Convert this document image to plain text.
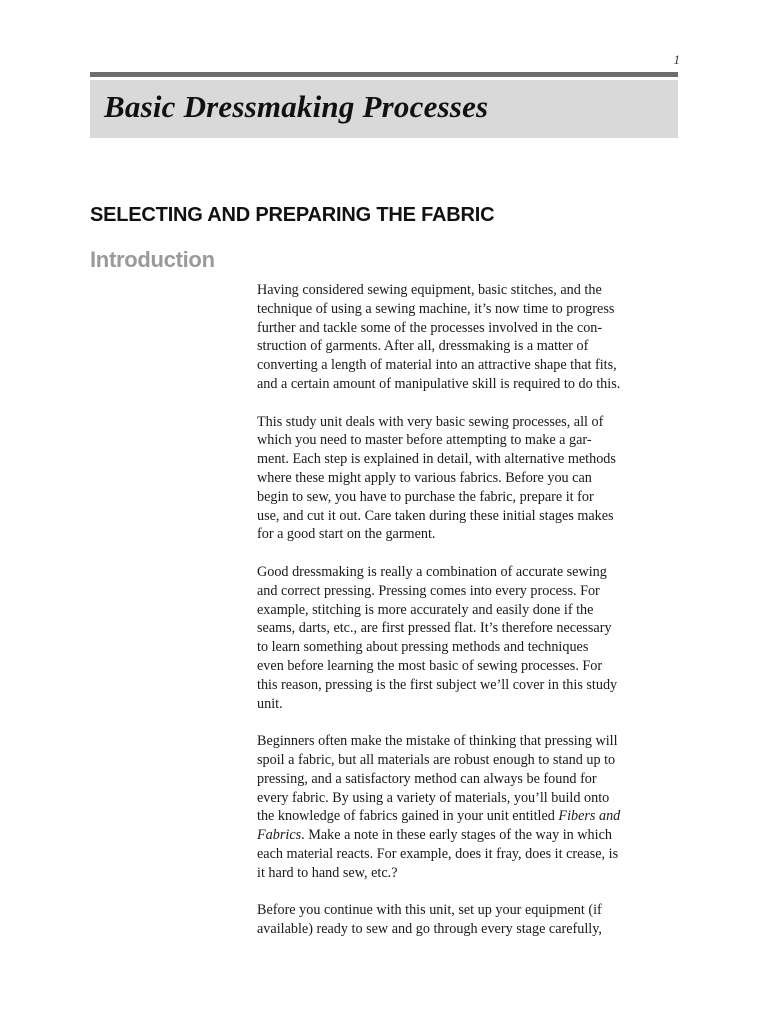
1
Basic Dressmaking Processes
SELECTING AND PREPARING THE FABRIC
Introduction

Having considered sewing equipment, basic stitches, and the
technique of using a sewing machine, it’s now time to progress
further and tackle some of the processes involved in the con-
struction of garments. After all, dressmaking is a matter of
converting a length of material into an attractive shape that fits,
and a certain amount of manipulative skill is required to do this.

This study unit deals with very basic sewing processes, all of
which you need to master before attempting to make a gar-
ment. Each step is explained in detail, with alternative methods
where these might apply to various fabrics. Before you can
begin to sew, you have to purchase the fabric, prepare it for
use, and cut it out. Care taken during these initial stages makes
for a good start on the garment.

Good dressmaking is really a combination of accurate sewing
and correct pressing. Pressing comes into every process. For
example, stitching is more accurately and easily done if the
seams, darts, etc., are first pressed flat. It’s therefore necessary
to learn something about pressing methods and techniques
even before learning the most basic of sewing processes. For
this reason, pressing is the first subject we’ll cover in this study
unit.

Beginners often make the mistake of thinking that pressing will
spoil a fabric, but all materials are robust enough to stand up to
pressing, and a satisfactory method can always be found for
every fabric. By using a variety of materials, you’ll build onto
the knowledge of fabrics gained in your unit entitled Fibers and
Fabrics. Make a note in these early stages of the way in which
each material reacts. For example, does it fray, does it crease, is
it hard to hand sew, etc.?

Before you continue with this unit, set up your equipment (if
available) ready to sew and go through every stage carefully,
